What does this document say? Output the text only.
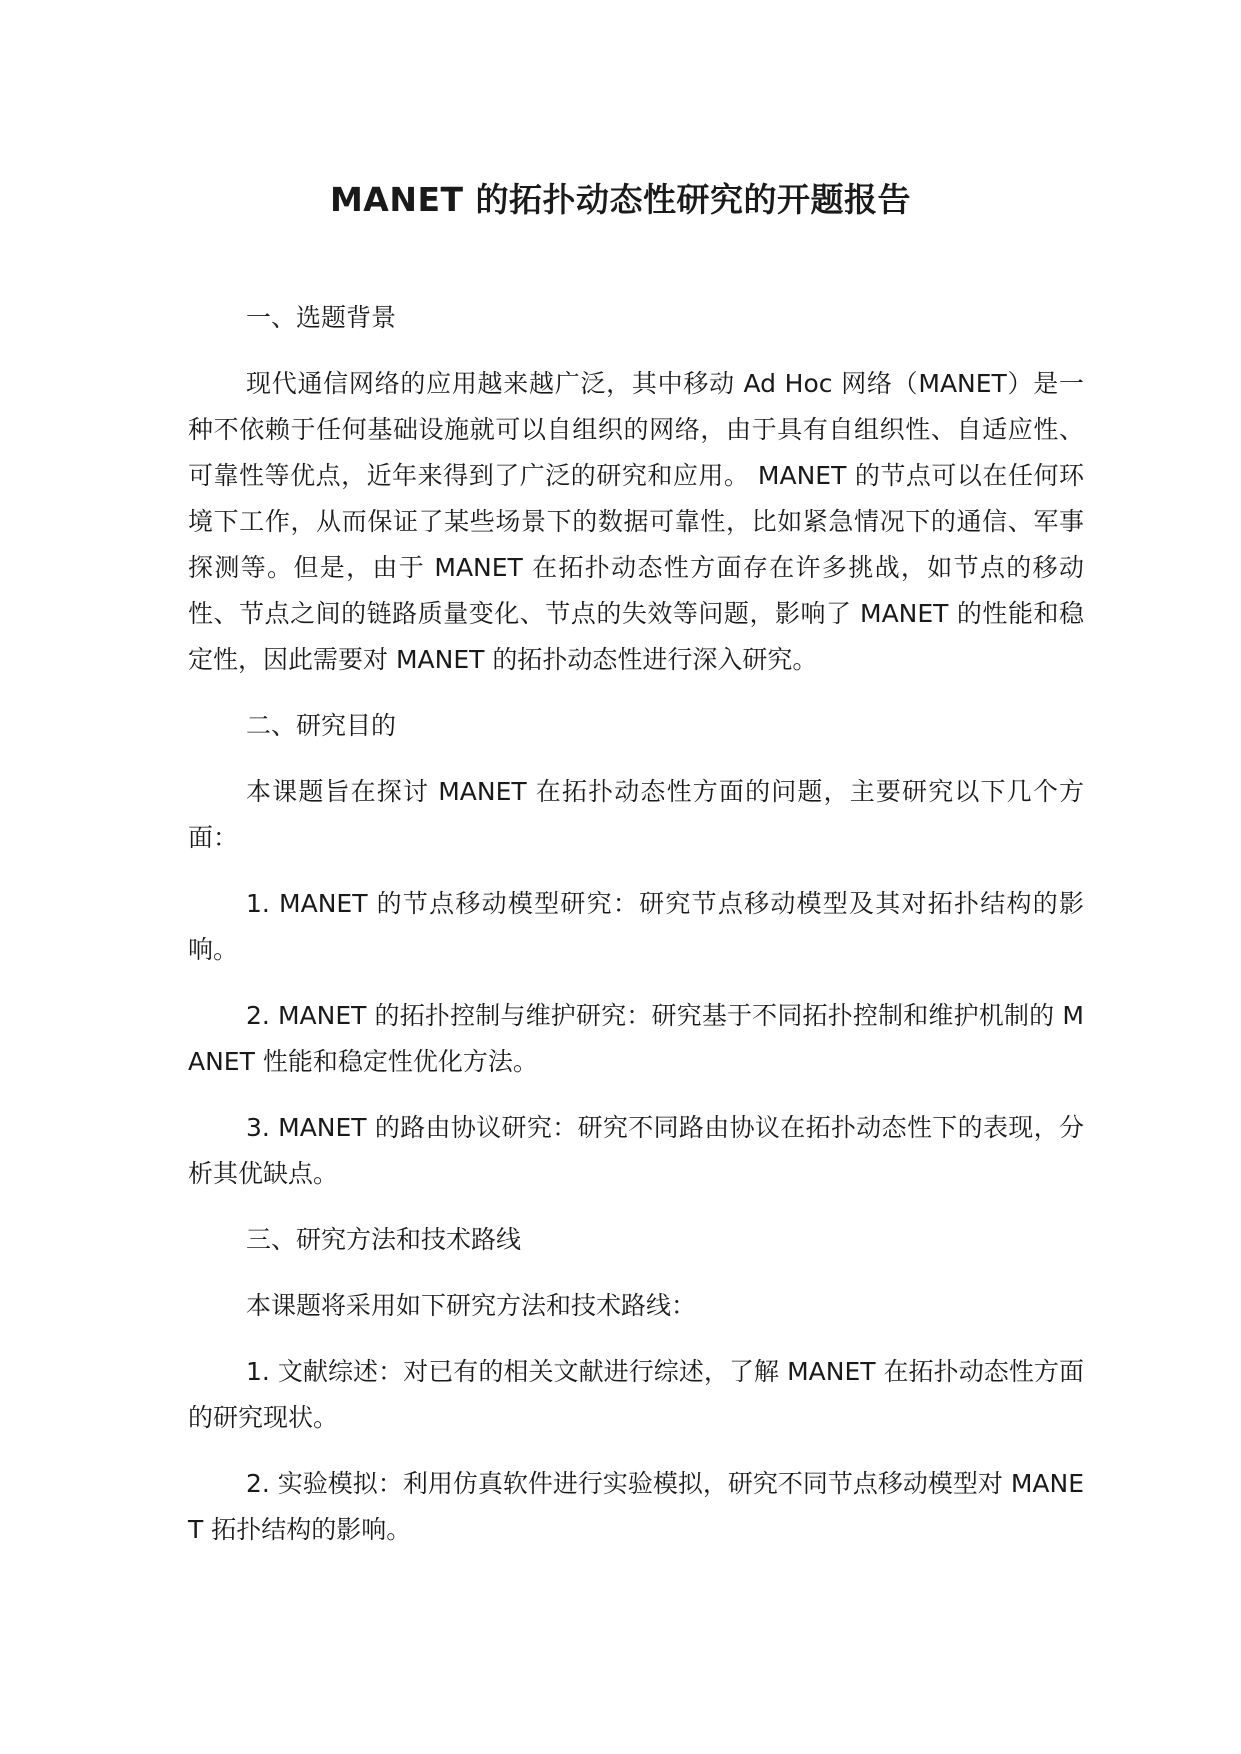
MANET 的拓扑动态性研究的开题报告

一、选题背景

现代通信网络的应用越来越广泛，其中移动 Ad Hoc 网络（MANET）是一种不依赖于任何基础设施就可以自组织的网络，由于具有自组织性、自适应性、可靠性等优点，近年来得到了广泛的研究和应用。 MANET 的节点可以在任何环境下工作，从而保证了某些场景下的数据可靠性，比如紧急情况下的通信、军事探测等。但是，由于 MANET 在拓扑动态性方面存在许多挑战，如节点的移动性、节点之间的链路质量变化、节点的失效等问题，影响了 MANET 的性能和稳定性，因此需要对 MANET 的拓扑动态性进行深入研究。

二、研究目的

本课题旨在探讨 MANET 在拓扑动态性方面的问题，主要研究以下几个方面：

1. MANET 的节点移动模型研究：研究节点移动模型及其对拓扑结构的影响。

2. MANET 的拓扑控制与维护研究：研究基于不同拓扑控制和维护机制的 MANET 性能和稳定性优化方法。

3. MANET 的路由协议研究：研究不同路由协议在拓扑动态性下的表现，分析其优缺点。

三、研究方法和技术路线

本课题将采用如下研究方法和技术路线：

1. 文献综述：对已有的相关文献进行综述，了解 MANET 在拓扑动态性方面的研究现状。

2. 实验模拟：利用仿真软件进行实验模拟，研究不同节点移动模型对 MANET 拓扑结构的影响。
